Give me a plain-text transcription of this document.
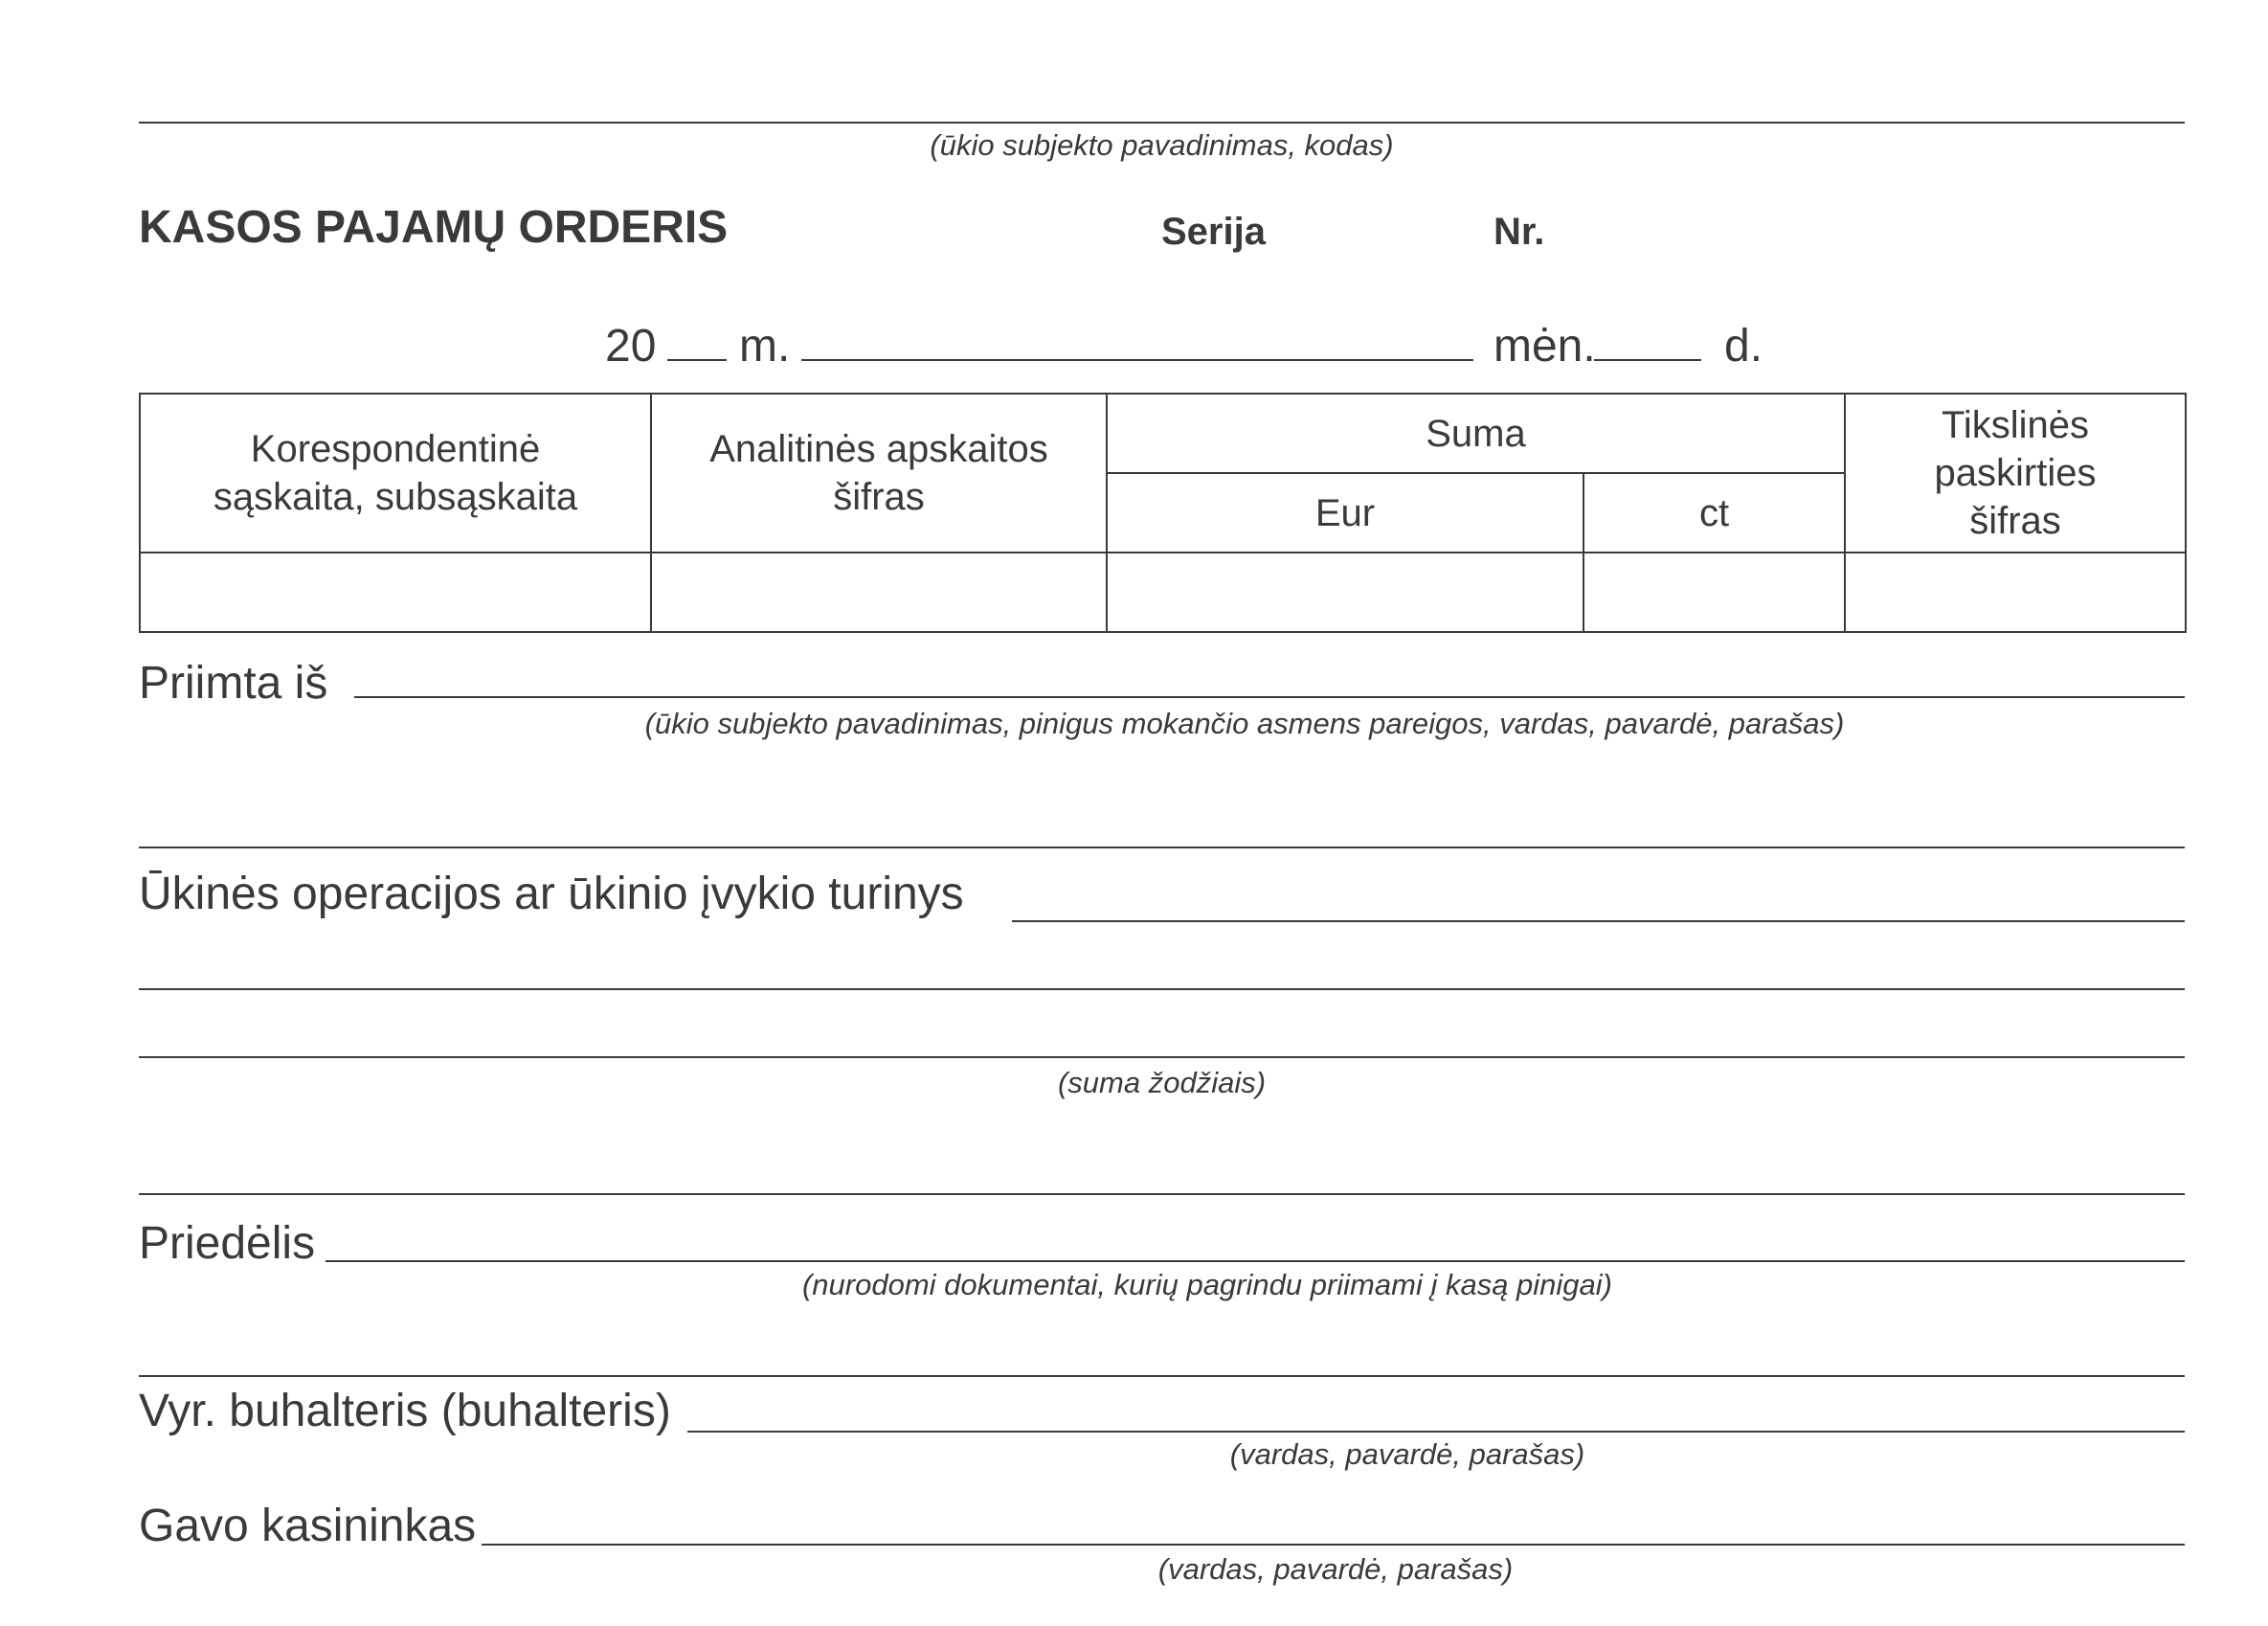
(ūkio subjekto pavadinimas, kodas)
KASOS PAJAMŲ ORDERIS	Serija	Nr.
20 m.	mėn.	d.
Korespondentinė sąskaita, subsąskaita	Analitinės apskaitos šifras	Suma		Tikslinės paskirties šifras
		Eur	ct	

Priimta iš
(ūkio subjekto pavadinimas, pinigus mokančio asmens pareigos, vardas, pavardė, parašas)
Ūkinės operacijos ar ūkinio įvykio turinys
(suma žodžiais)
Priedėlis
(nurodomi dokumentai, kurių pagrindu priimami į kasą pinigai)
Vyr. buhalteris (buhalteris)
(vardas, pavardė, parašas)
Gavo kasininkas
(vardas, pavardė, parašas)
